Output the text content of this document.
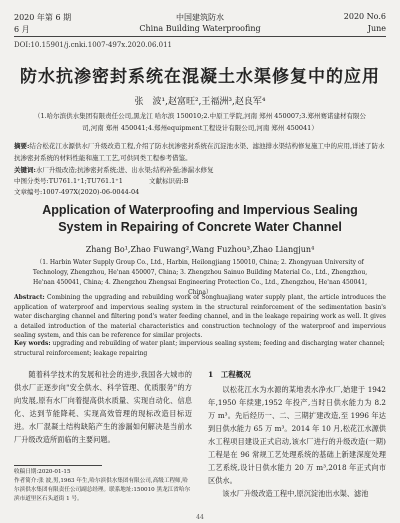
2020 年第 6 期	中国建筑防水	2020 No.6
6 月	China Building Waterproofing	June
DOI:10.15901/j.cnki.1007-497x.2020.06.011
防水抗渗密封系统在混凝土水渠修复中的应用
张　波¹,赵富旺²,王福洲³,赵良军⁴
（1.哈尔滨供水集团有限责任公司,黑龙江 哈尔滨 150010;2.中原工学院,河南 郑州 450007;3.郑州赛诺建材有限公司,河南 郑州 450041;4.郑州equipment工程设计有限公司,河南 郑州 450041）
摘要:结合松花江水源供水厂升级改造工程,介绍了防水抗渗密封系统在沉淀池水渠、滤池排水渠结构修复施工中的应用,详述了防水抗渗密封系统的材料性能和施工工艺,可供同类工程参考借鉴。
关键词:水厂升级改造;抗渗密封系统;进、出水渠;结构补强;渗漏水修复
中图分类号:TU761.1⁺1;TU761.1⁺1	文献标识码:B
文章编号:1007-497X(2020)-06-0044-04
Application of Waterproofing and Impervious Sealing System in Repairing of Concrete Water Channel
Zhang Bo¹,Zhao Fuwang²,Wang Fuzhou³,Zhao Liangjun⁴
（1. Harbin Water Supply Group Co., Ltd., Harbin, Heilongjiang 150010, China; 2. Zhongyuan University of Technology, Zhengzhou, He'nan 450007, China; 3. Zhengzhou Sainuo Building Material Co., Ltd., Zhengzhou, He'nan 450041, China; 4. Zhengzhou Zhengsai Engineering Protection Co., Ltd., Zhengzhou, He'nan 450041, China）
Abstract: Combining the upgrading and rebuilding work of Songhuajiang water supply plant, the article introduces the application of waterproof and impervious sealing system in the structural reinforcement of the sedimentation basin's water discharging channel and filtering pond's water feeding channel, and in the leakage repairing work as well. It gives a detailed introduction of the material characteristics and construction technology of the waterproof and impervious sealing system, and this can be reference for similar projects.
Key words: upgrading and rebuilding of water plant; impervious sealing system; feeding and discharging water channel; structural reinforcement; leakage repairing

随着科学技术的发展和社会的进步,我国各大城市的供水厂正逐步向"安全供水、科学管理、优质服务"的方向发展,原有水厂向着提高供水质量、实现自动化、信息化、达到节能降耗、实现高效管理的现标改造目标迈进。水厂混凝土结构缺陷产生的渗漏如何解决是当前水厂升级改造所面临的主要问题。

1　工程概况

以松花江水为水源的某地表水净水厂,始建于 1942 年,1950 年续建,1952 年投产,当时日供水能力为 8.2 万 m³。先后经历一、二、三期扩建改造,至 1996 年达到日供水能力 65 万 m³。2014 年 10 月,松花江水源供水工程项目建设正式启动,该水厂进行的升级改造(一期)工程是在 96 常规工艺处理系统的基础上新建深度处理工艺系统,设计日供水能力 20 万 m³,2018 年正式向市区供水。

该水厂升级改造工程中,原沉淀池出水渠、滤池

收稿日期:2020-01-15
作者简介:张 波,男,1963 年生,哈尔滨供水集团有限公司,高级工程师,哈尔滨供水集团有限责任公司副总经理。联系地址:150010 黑龙江省哈尔滨市道里区石头道街 1 号。
44
